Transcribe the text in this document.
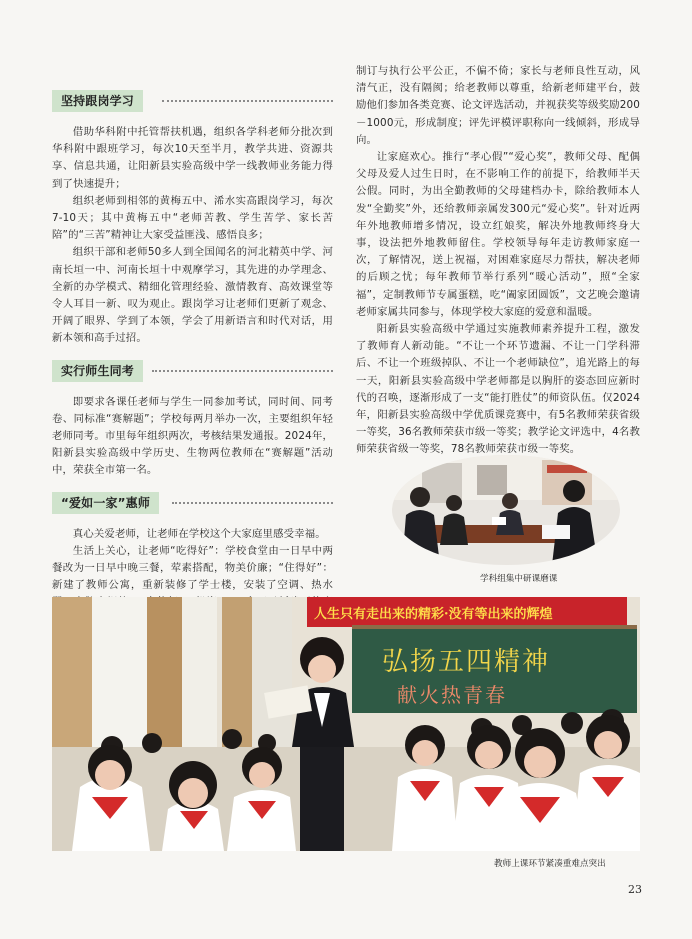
坚持跟岗学习

借助华科附中托管帮扶机遇，组织各学科老师分批次到华科附中跟班学习，每次10天至半月，教学共进、资源共享、信息共通，让阳新县实验高级中学一线教师业务能力得到了快速提升；

组织老师到相邻的黄梅五中、浠水实高跟岗学习，每次7-10天；其中黄梅五中“老师苦教、学生苦学、家长苦陪”的“三苦”精神让大家受益匪浅、感悟良多；

组织干部和老师50多人到全国闻名的河北精英中学、河南长垣一中、河南长垣十中观摩学习，其先进的办学理念、全新的办学模式、精细化管理经验、激情教育、高效课堂等令人耳目一新、叹为观止。跟岗学习让老师们更新了观念、开阔了眼界、学到了本领，学会了用新语言和时代对话，用新本领和高手过招。

实行师生同考

即要求各课任老师与学生一同参加考试，同时间、同考卷、同标准“赛解题”；学校每两月举办一次，主要组织年轻老师同考。市里每年组织两次，考核结果发通报。2024年，阳新县实验高级中学历史、生物两位教师在“赛解题”活动中，荣获全市第一名。

“爱如一家”惠师

真心关爱老师，让老师在学校这个大家庭里感受幸福。

生活上关心，让老师“吃得好”：学校食堂由一日早中两餐改为一日早中晚三餐，荤素搭配，物美价廉；“住得好”：新建了教师公寓，重新装修了学士楼，安装了空调、热水

制订与执行公平公正，不偏不倚；家长与老师良性互动，风清气正，没有隔阂；给老教师以尊重，给新老师建平台，鼓励他们参加各类竞赛、论文评选活动，并视获奖等级奖励200－1000元，形成制度；评先评模评职称向一线倾斜，形成导向。

让家庭欢心。推行“孝心假”“爱心奖”，教师父母、配偶父母及爱人过生日时，在不影响工作的前提下，给教师半天公假。同时，为出全勤教师的父母建档办卡，除给教师本人发“全勤奖”外，还给教师亲属发300元“爱心奖”。针对近两年外地教师增多情况，设立红娘奖，解决外地教师终身大事，设法把外地教师留住。学校领导每年走访教师家庭一次，了解情况，送上祝福，对困难家庭尽力帮扶，解决老师的后顾之忧；每年教师节举行系列“暖心活动”，照“全家福”，定制教师节专属蛋糕，吃“阖家团圆饭”，文艺晚会邀请老师家属共同参与，体现学校大家庭的爱意和温暖。

阳新县实验高级中学通过实施教师素养提升工程，激发了教师育人新动能。“不让一个环节遗漏、不让一门学科滞后、不让一个班级掉队、不让一个老师缺位”，追光路上的每一天，阳新县实验高级中学老师都是以胸肝的姿态回应新时代的召唤，逐渐形成了一支“能打胜仗”的师资队伍。仅2024年，阳新县实验高级中学优质课竞赛中，有5名教师荣获省级一等奖，36名教师荣获市级一等奖；教学论文评选中，4名教师荣获省级一等奖，78名教师荣获市级一等奖。

学科组集中研课磨课
人生只有走出来的精彩·没有等出来的辉煌
弘扬五四精神
献火热青春
教师上课环节紧凑重难点突出
23
